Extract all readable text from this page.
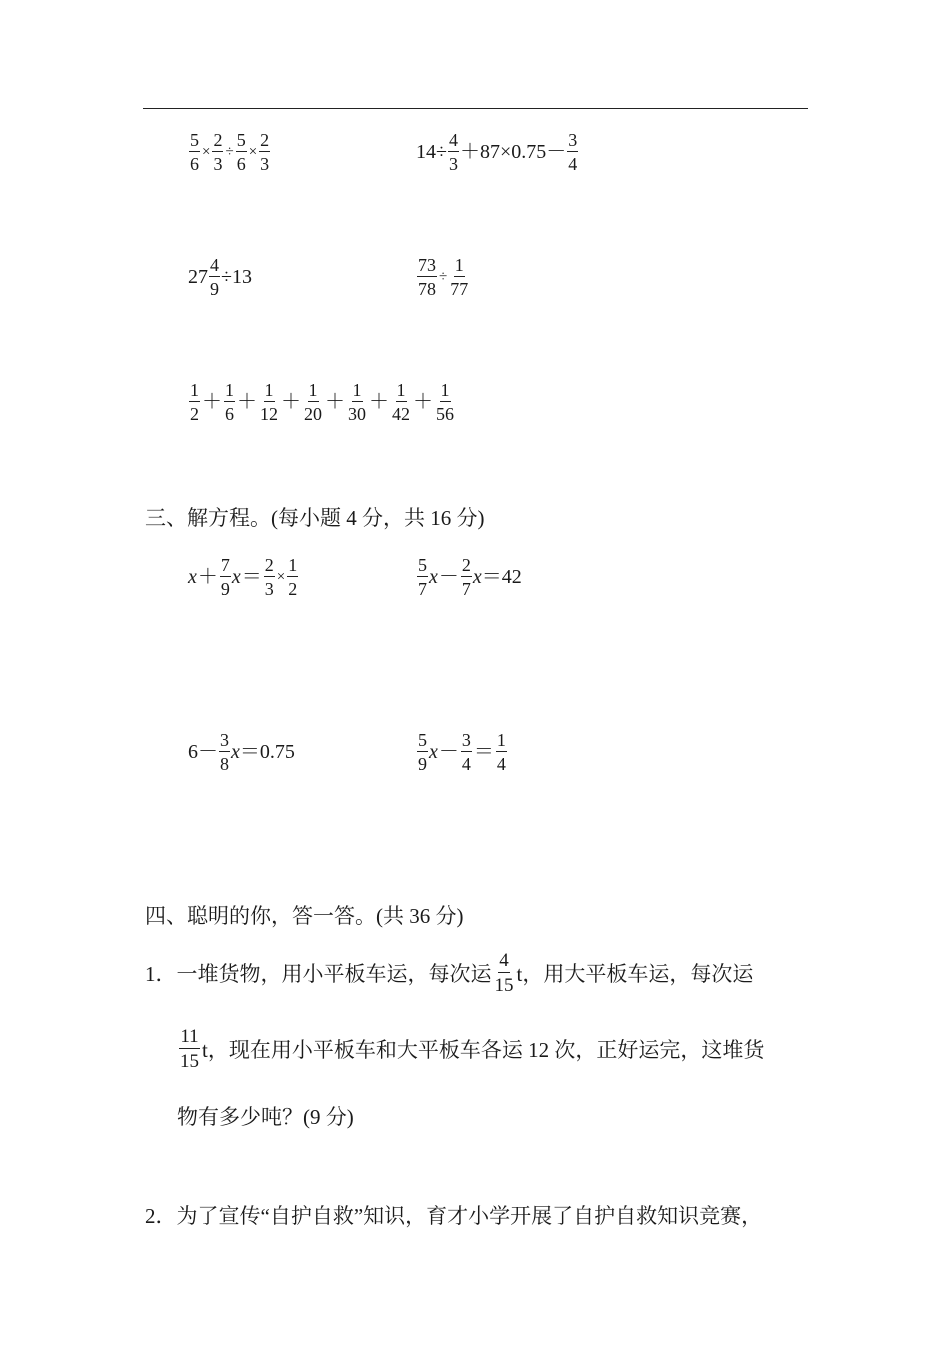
$\frac{5}{6} \times \frac{2}{3} \div \frac{5}{6} \times \frac{2}{3}$	$14\div \frac{4}{3} +87\times 0.75- \frac{3}{4}$
$27 \frac{4}{9} \div 13$	$\frac{73}{78} \div \frac{1}{77}$
$\frac{1}{2} + \frac{1}{6} + \frac{1}{12} + \frac{1}{20} + \frac{1}{30} + \frac{1}{42} + \frac{1}{56}$
三、解方程。(每小题 4 分，共 16 分)
$x + \frac{7}{9}$ $x = \frac{2}{3} \times \frac{1}{2}$	$\frac{5}{7}$ $x - \frac{2}{7}$ x ＝42
$6- \frac{3}{8}$ x ＝0.75	$\frac{5}{9}$ $x - \frac{3}{4} = \frac{1}{4}$
四、聪明的你，答一答。(共 36 分)
1．一堆货物，用小平板车运，每次运 $\frac{4}{15}$ t，用大平板车运，每次运
$\frac{11}{15}$ t，现在用小平板车和大平板车各运 12 次，正好运完，这堆货
物有多少吨？(9 分)
2．为了宣传“自护自救”知识，育才小学开展了自护自救知识竞赛，
